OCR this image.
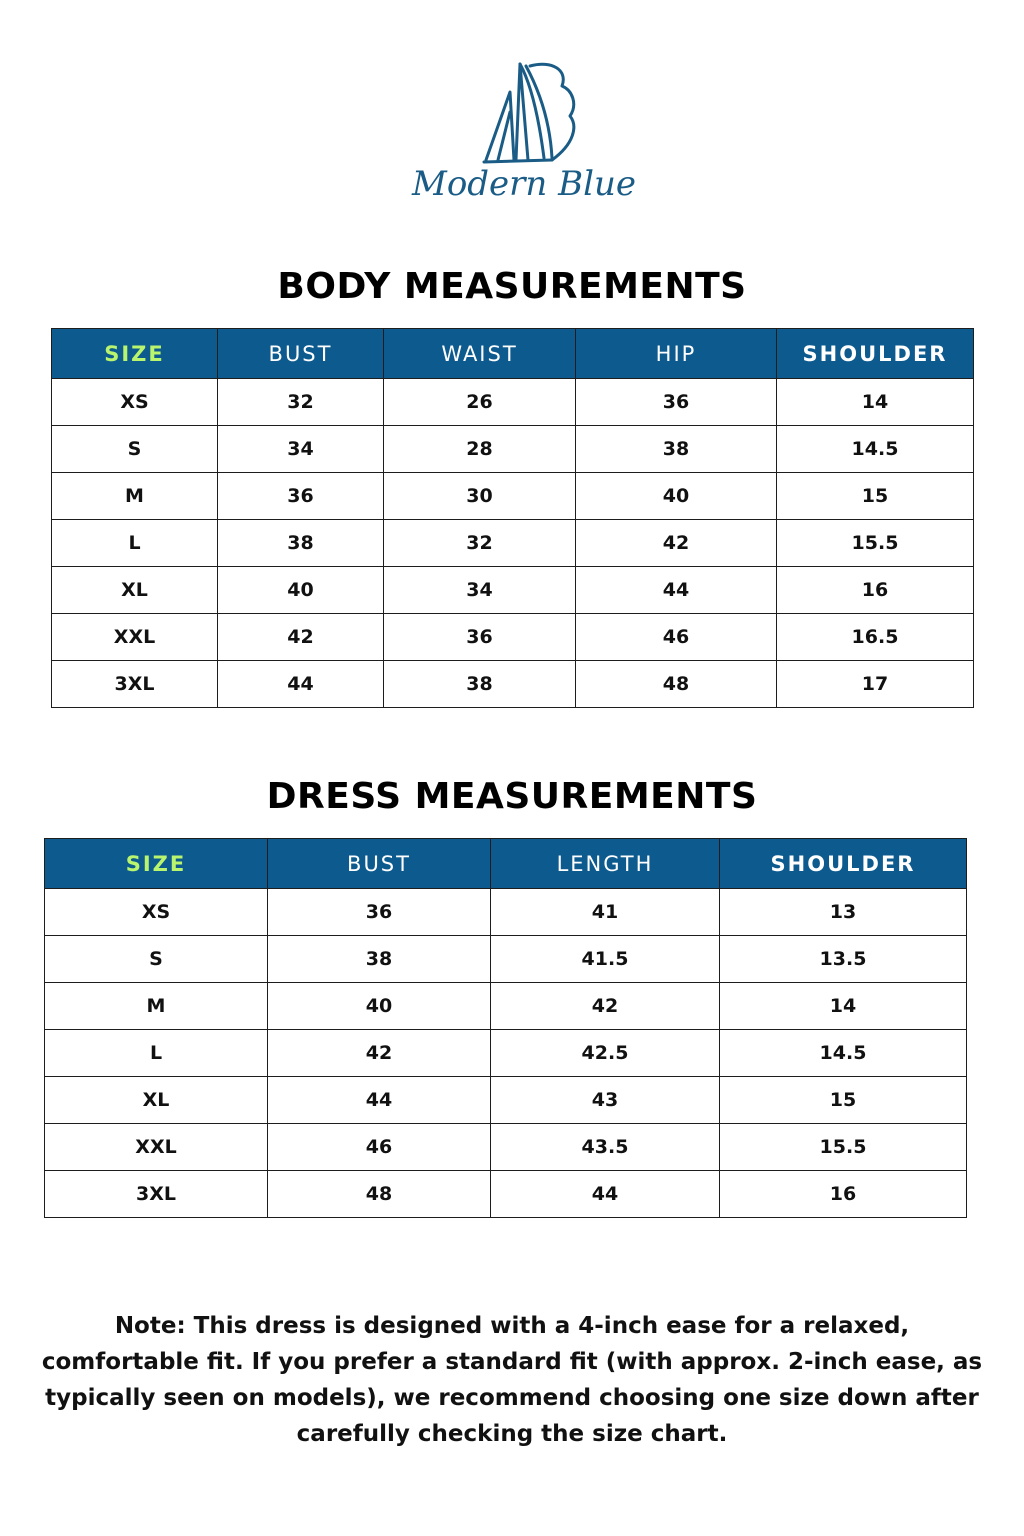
Modern Blue
BODY MEASUREMENTS
SIZE	BUST	WAIST	HIP	SHOULDER
XS	32	26	36	14
S	34	28	38	14.5
M	36	30	40	15
L	38	32	42	15.5
XL	40	34	44	16
XXL	42	36	46	16.5
3XL	44	38	48	17
DRESS MEASUREMENTS
SIZE	BUST	LENGTH	SHOULDER
XS	36	41	13
S	38	41.5	13.5
M	40	42	14
L	42	42.5	14.5
XL	44	43	15
XXL	46	43.5	15.5
3XL	48	44	16
Note: This dress is designed with a 4-inch ease for a relaxed, comfortable fit. If you prefer a standard fit (with approx. 2-inch ease, as typically seen on models), we recommend choosing one size down after carefully checking the size chart.
